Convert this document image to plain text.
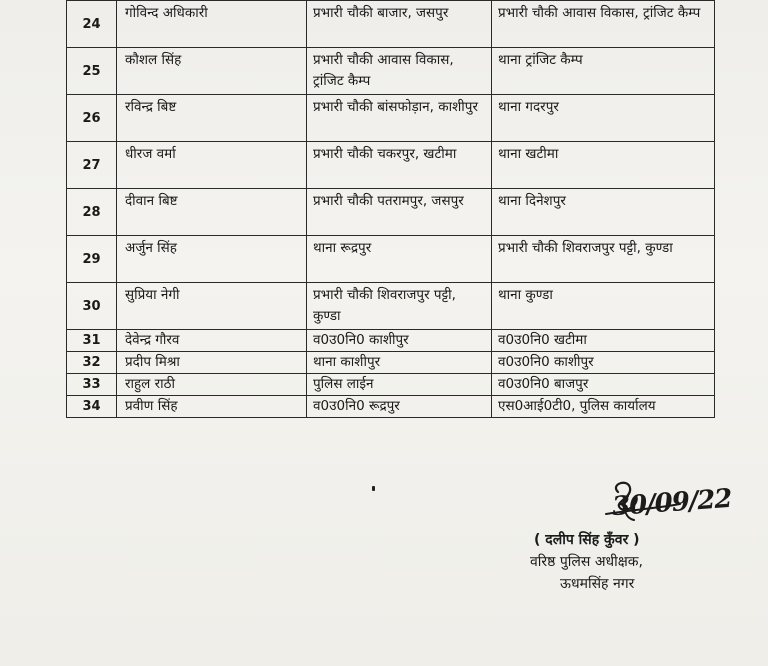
24	गोविन्द अधिकारी	प्रभारी चौकी बाजार, जसपुर	प्रभारी चौकी आवास विकास, ट्रांजिट कैम्प
25	कौशल सिंह	प्रभारी चौकी आवास विकास, ट्रांजिट कैम्प	थाना ट्रांजिट कैम्प
26	रविन्द्र बिष्ट	प्रभारी चौकी बांसफोड़ान, काशीपुर	थाना गदरपुर
27	धीरज वर्मा	प्रभारी चौकी चकरपुर, खटीमा	थाना खटीमा
28	दीवान बिष्ट	प्रभारी चौकी पतरामपुर, जसपुर	थाना दिनेशपुर
29	अर्जुन सिंह	थाना रूद्रपुर	प्रभारी चौकी शिवराजपुर पट्टी, कुण्डा
30	सुप्रिया नेगी	प्रभारी चौकी शिवराजपुर पट्टी, कुण्डा	थाना कुण्डा
31	देवेन्द्र गौरव	व0उ0नि0 काशीपुर	व0उ0नि0 खटीमा
32	प्रदीप मिश्रा	थाना काशीपुर	व0उ0नि0 काशीपुर
33	राहुल राठी	पुलिस लाईन	व0उ0नि0 बाजपुर
34	प्रवीण सिंह	व0उ0नि0 रूद्रपुर	एस0आई0टी0, पुलिस कार्यालय
30/09/22
( दलीप सिंह कुँवर )
वरिष्ठ पुलिस अधीक्षक,
ऊधमसिंह नगर
